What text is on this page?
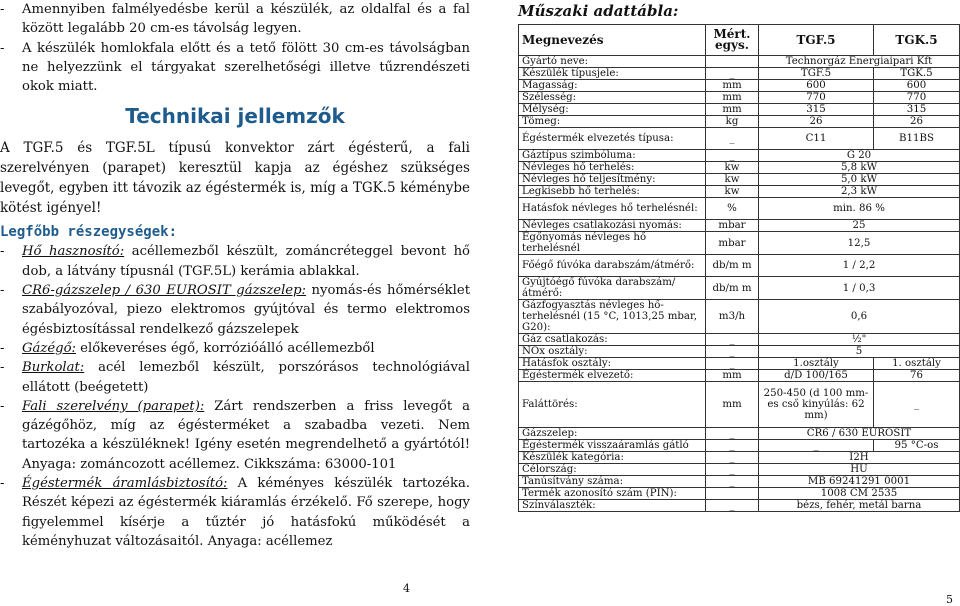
- Amennyiben falmélyedésbe kerül a készülék, az oldalfal és a fal között legalább 20 cm-es távolság legyen.
- A készülék homlokfala előtt és a tető fölött 30 cm-es távolságban ne helyezzünk el tárgyakat szerelhetőségi illetve tűzrendészeti okok miatt.
Technikai jellemzők
A TGF.5 és TGF.5L típusú konvektor zárt égésterű, a fali szerelvényen (parapet) keresztül kapja az égéshez szükséges levegőt, egyben itt távozik az égéstermék is, míg a TGK.5 kéménybe kötést igényel!
Legfőbb részegységek:
- Hő hasznosító: acéllemezből készült, zománcréteggel bevont hő dob, a látvány típusnál (TGF.5L) kerámia ablakkal.
- CR6-gázszelep / 630 EUROSIT gázszelep: nyomás-és hőmérséklet szabályozóval, piezo elektromos gyújtóval és termo elektromos égésbiztosítással rendelkező gázszelepek
- Gázégő: előkeveréses égő, korrózióálló acéllemezből
- Burkolat: acél lemezből készült, porszórásos technológiával ellátott (beégetett)
- Fali szerelvény (parapet): Zárt rendszerben a friss levegőt a gázégőhöz, míg az égésterméket a szabadba vezeti. Nem tartozéka a készüléknek! Igény esetén megrendelhető a gyártótól! Anyaga: zománcozott acéllemez. Cikkszáma: 63000-101
- Égéstermék áramlásbiztosító: A kéményes készülék tartozéka. Részét képezi az égéstermék kiáramlás érzékelő. Fő szerepe, hogy figyelemmel kísérje a tűztér jó hatásfokú működését a kéményhuzat változásaitól. Anyaga: acéllemez
4
Műszaki adattábla:
Megnevezés	Mért. egys.	TGF.5	TGK.5
Gyártó neve:		Technorgáz Energiaipari Kft	
Készülék típusjele:	_	TGF.5	TGK.5
Magasság:	mm	600	600
Szélesség:	mm	770	770
Mélység:	mm	315	315
Tömeg:	kg	26	26
Égéstermék elvezetés típusa:	_	C11	B11BS
Gáztípus szimbóluma:	_	G 20	
Névleges hő terhelés:	kw	5,8 kW	
Névleges hő teljesítmény:	kw	5,0 kW	
Legkisebb hő terhelés:	kw	2,3 kW	
Hatásfok névleges hő terhelésnél:	%	min. 86 %	
Névleges csatlakozási nyomás:	mbar	25	
Égőnyomás névleges hő terhelésnél	mbar	12,5	
Főégő fúvóka darabszám/átmérő:	db/m m	1 / 2,2	
Gyújtóégő fúvóka darabszám/átmérő:	db/m m	1 / 0,3	
Gázfogyasztás névleges hő-terhelésnél (15 °C, 1013,25 mbar, G20):	m3/h	0,6	
Gáz csatlakozás:	_	½"	
NOx osztály:	_	5	
Hatásfok osztály:	_	1.osztály	1. osztály
Égéstermék elvezető:	mm	d/D 100/165	76
Faláttörés:	mm	250-450 (d 100 mm-es cső kinyúlás: 62 mm)	_
Gázszelep:	_	CR6 / 630 EUROSIT	
Égéstermék visszaáramlás gátló	_	_	95 °C-os
Készülék kategória:	_	I2H	
Célország:	_	HU	
Tanúsítvány száma:	_	MB 69241291 0001	
Termék azonosító szám (PIN):		1008 CM 2535	
Színválaszték:	_	bézs, fehér, metál barna	
5
